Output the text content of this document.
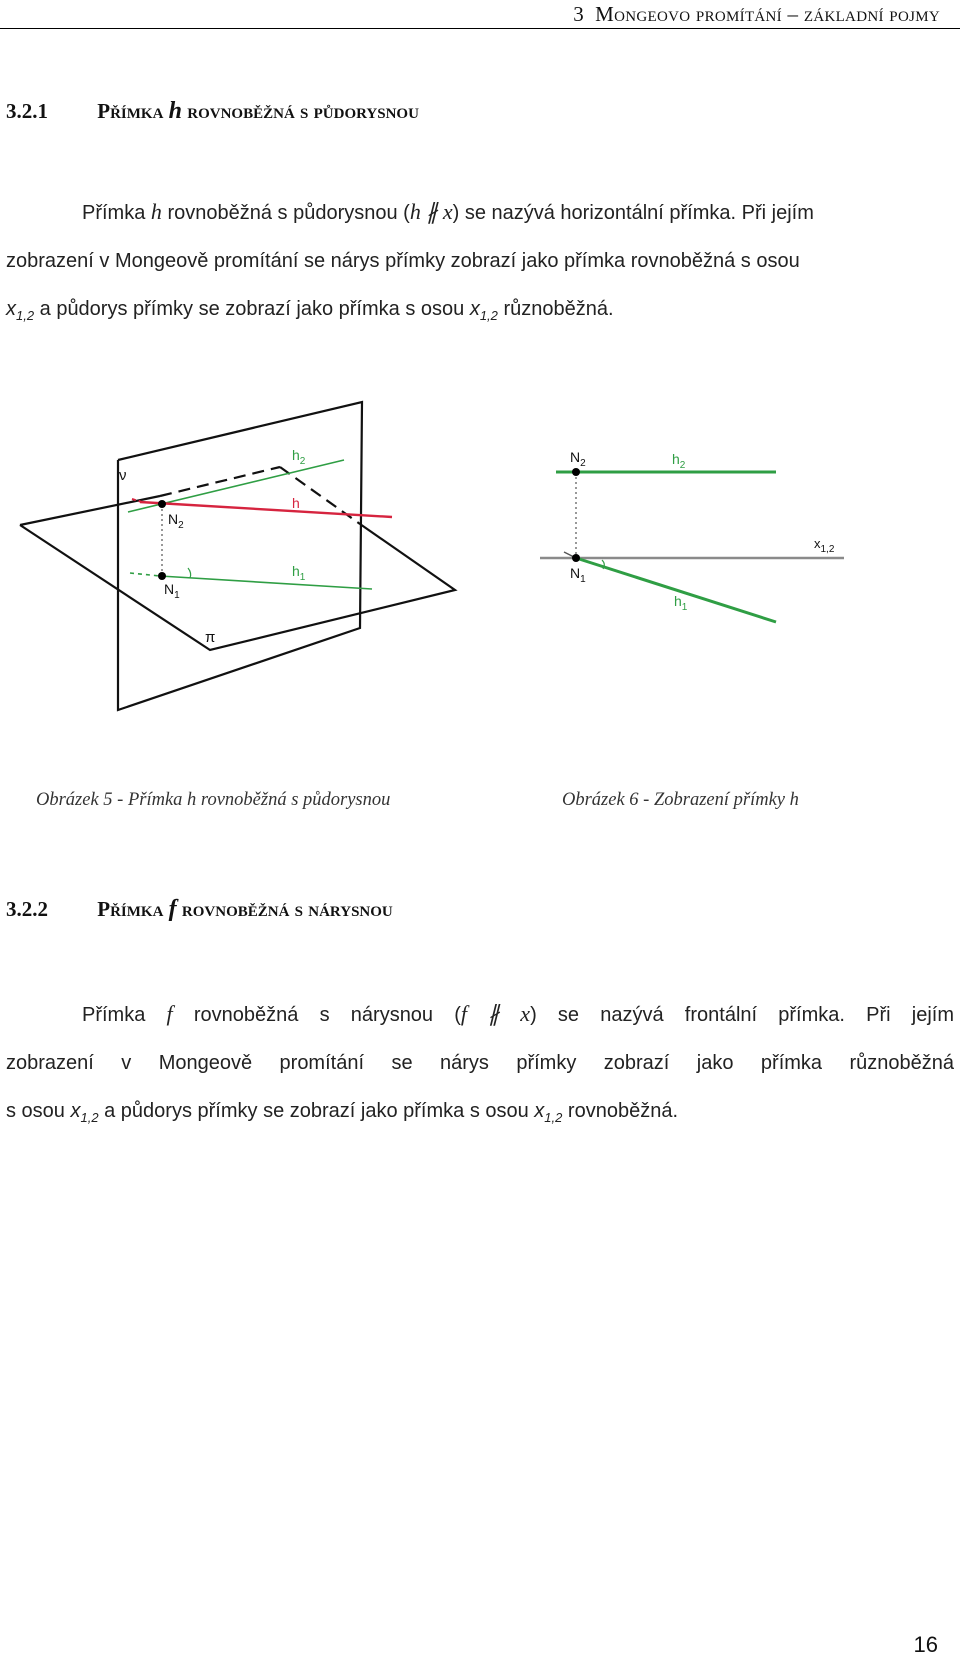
3 Mongeovo promítání – základní pojmy
3.2.1 Přímka h rovnoběžná s půdorysnou
Přímka h rovnoběžná s půdorysnou (h ∦ x) se nazývá horizontální přímka. Při jejím
zobrazení v Mongeově promítání se nárys přímky zobrazí jako přímka rovnoběžná s osou
$x_{1,2}$ a půdorys přímky se zobrazí jako přímka s osou $x_{1,2}$ různoběžná.
ν
$h_2$
h
$N_2$
$h_1$
$N_1$
π
$N_2$	$h_2$
$x_{1,2}$
$N_1$
$h_1$
Obrázek 5 - Přímka h rovnoběžná s půdorysnou	Obrázek 6 - Zobrazení přímky h
3.2.2 Přímka f rovnoběžná s nárysnou
Přímka f rovnoběžná s nárysnou (f ∦ x) se nazývá frontální přímka. Při jejím
zobrazení v Mongeově promítání se nárys přímky zobrazí jako přímka různoběžná
s osou $x_{1,2}$ a půdorys přímky se zobrazí jako přímka s osou $x_{1,2}$ rovnoběžná.
16
